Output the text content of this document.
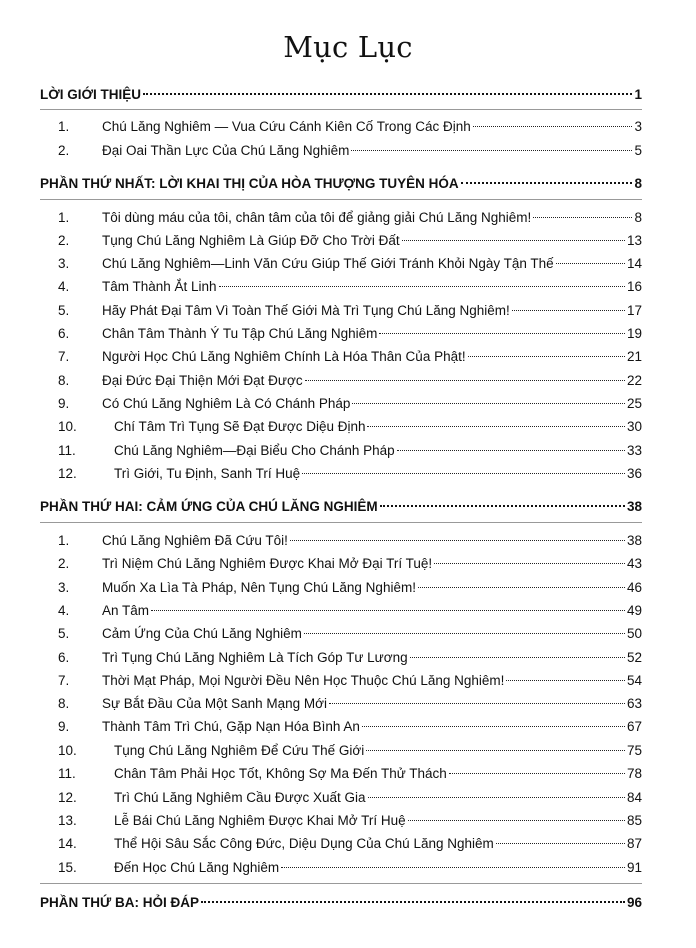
Mục Lục
LỜI GIỚI THIỆU	1
1.	Chú Lăng Nghiêm — Vua Cứu Cánh Kiên Cố Trong Các Định	3
2.	Đại Oai Thần Lực Của Chú Lăng Nghiêm	5
PHẦN THỨ NHẤT: LỜI KHAI THỊ CỦA HÒA THƯỢNG TUYÊN HÓA	8
1.	Tôi dùng máu của tôi, chân tâm của tôi để giảng giải Chú Lăng Nghiêm!	8
2.	Tụng Chú Lăng Nghiêm Là Giúp Đỡ Cho Trời Đất	13
3.	Chú Lăng Nghiêm—Linh Văn Cứu Giúp Thế Giới Tránh Khỏi Ngày Tận Thế	14
4.	Tâm Thành Ắt Linh	16
5.	Hãy Phát Đại Tâm Vì Toàn Thế Giới Mà Trì Tụng Chú Lăng Nghiêm!	17
6.	Chân Tâm Thành Ý Tu Tập Chú Lăng Nghiêm	19
7.	Người Học Chú Lăng Nghiêm Chính Là Hóa Thân Của Phật!	21
8.	Đại Đức Đại Thiện Mới Đạt Được	22
9.	Có Chú Lăng Nghiêm Là Có Chánh Pháp	25
10.	Chí Tâm Trì Tụng Sẽ Đạt Được Diệu Định	30
11.	Chú Lăng Nghiêm—Đại Biểu Cho Chánh Pháp	33
12.	Trì Giới, Tu Định, Sanh Trí Huệ	36
PHẦN THỨ HAI: CẢM ỨNG CỦA CHÚ LĂNG NGHIÊM	38
1.	Chú Lăng Nghiêm Đã Cứu Tôi!	38
2.	Trì Niệm Chú Lăng Nghiêm Được Khai Mở Đại Trí Tuệ!	43
3.	Muốn Xa Lìa Tà Pháp, Nên Tụng Chú Lăng Nghiêm!	46
4.	An Tâm	49
5.	Cảm Ứng Của Chú Lăng Nghiêm	50
6.	Trì Tụng Chú Lăng Nghiêm Là Tích Góp Tư Lương	52
7.	Thời Mạt Pháp, Mọi Người Đều Nên Học Thuộc Chú Lăng Nghiêm!	54
8.	Sự Bắt Đầu Của Một Sanh Mạng Mới	63
9.	Thành Tâm Trì Chú, Gặp Nạn Hóa Bình An	67
10.	Tụng Chú Lăng Nghiêm Để Cứu Thế Giới	75
11.	Chân Tâm Phải Học Tốt, Không Sợ Ma Đến Thử Thách	78
12.	Trì Chú Lăng Nghiêm Cầu Được Xuất Gia	84
13.	Lễ Bái Chú Lăng Nghiêm Được Khai Mở Trí Huệ	85
14.	Thể Hội Sâu Sắc Công Đức, Diệu Dụng Của Chú Lăng Nghiêm	87
15.	Đến Học Chú Lăng Nghiêm	91
PHẦN THỨ BA: HỎI ĐÁP	96
